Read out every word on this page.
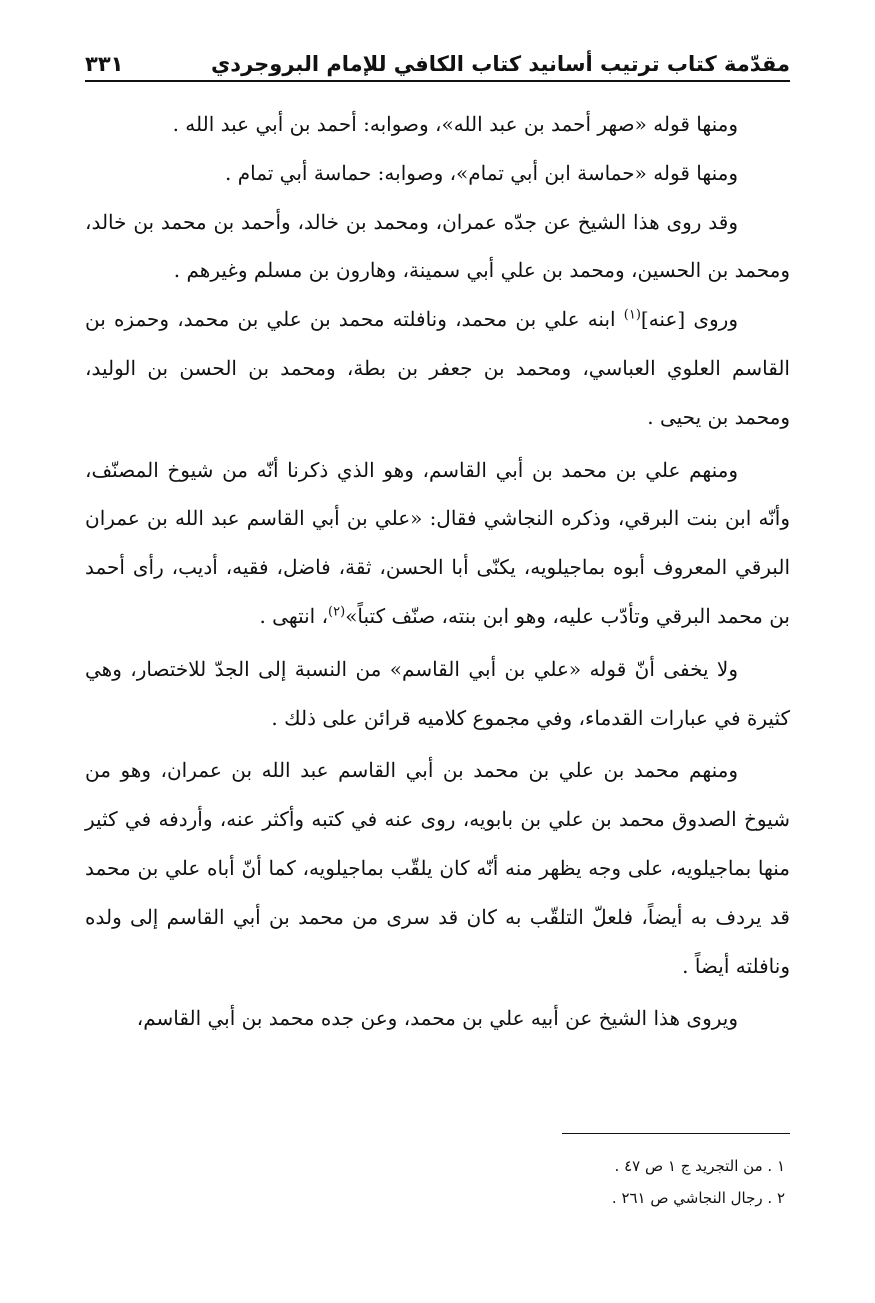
مقدّمة كتاب ترتيب أسانيد كتاب الكافي للإمام البروجردي
٣٣١

ومنها قوله «صهر أحمد بن عبد الله»، وصوابه: أحمد بن أبي عبد الله .

ومنها قوله «حماسة ابن أبي تمام»، وصوابه: حماسة أبي تمام .

وقد روى هذا الشيخ عن جدّه عمران، ومحمد بن خالد، وأحمد بن محمد بن خالد، ومحمد بن الحسين، ومحمد بن علي أبي سمينة، وهارون بن مسلم وغيرهم .

وروى [عنه]$^{(١)}$ ابنه علي بن محمد، ونافلته محمد بن علي بن محمد، وحمزه بن القاسم العلوي العباسي، ومحمد بن جعفر بن بطة، ومحمد بن الحسن بن الوليد، ومحمد بن يحيى .

ومنهم علي بن محمد بن أبي القاسم، وهو الذي ذكرنا أنّه من شيوخ المصنّف، وأنّه ابن بنت البرقي، وذكره النجاشي فقال: «علي بن أبي القاسم عبد الله بن عمران البرقي المعروف أبوه بماجيلويه، يكنّى أبا الحسن، ثقة، فاضل، فقيه، أديب، رأى أحمد بن محمد البرقي وتأدّب عليه، وهو ابن بنته، صنّف كتباً»$^{(٢)}$، انتهى .

ولا يخفى أنّ قوله «علي بن أبي القاسم» من النسبة إلى الجدّ للاختصار، وهي كثيرة في عبارات القدماء، وفي مجموع كلاميه قرائن على ذلك .

ومنهم محمد بن علي بن محمد بن أبي القاسم عبد الله بن عمران، وهو من شيوخ الصدوق محمد بن علي بن بابويه، روى عنه في كتبه وأكثر عنه، وأردفه في كثير منها بماجيلويه، على وجه يظهر منه أنّه كان يلقّب بماجيلويه، كما أنّ أباه علي بن محمد قد يردف به أيضاً، فلعلّ التلقّب به كان قد سرى من محمد بن أبي القاسم إلى ولده ونافلته أيضاً .

ويروى هذا الشيخ عن أبيه علي بن محمد، وعن جده محمد بن أبي القاسم،

١ . من التجريد ج ١ ص ٤٧ .
٢ . رجال النجاشي ص ٢٦١ .
